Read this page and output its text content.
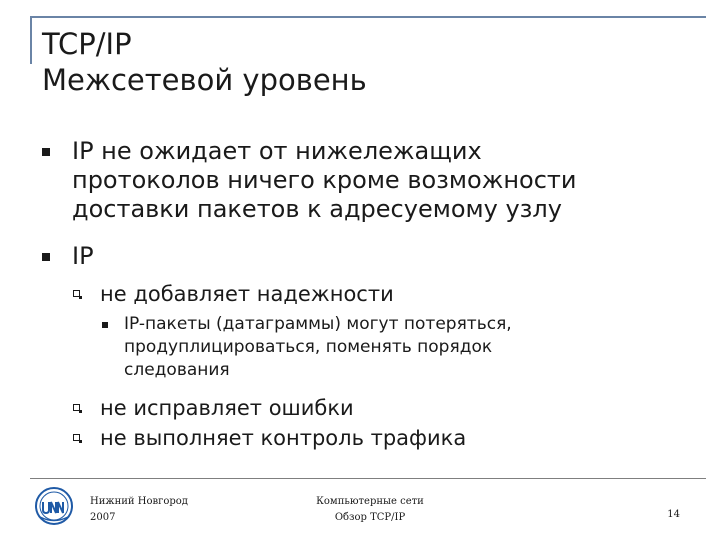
TCP/IP
Межсетевой уровень
IP не ожидает от нижележащих
протоколов ничего кроме возможности
доставки пакетов к адресуемому узлу
IP
не добавляет надежности
IP-пакеты (датаграммы) могут потеряться,
продуплицироваться, поменять порядок
следования
не исправляет ошибки
не выполняет контроль трафика
Нижний Новгород
2007
Компьютерные сети
Обзор TCP/IP	14
